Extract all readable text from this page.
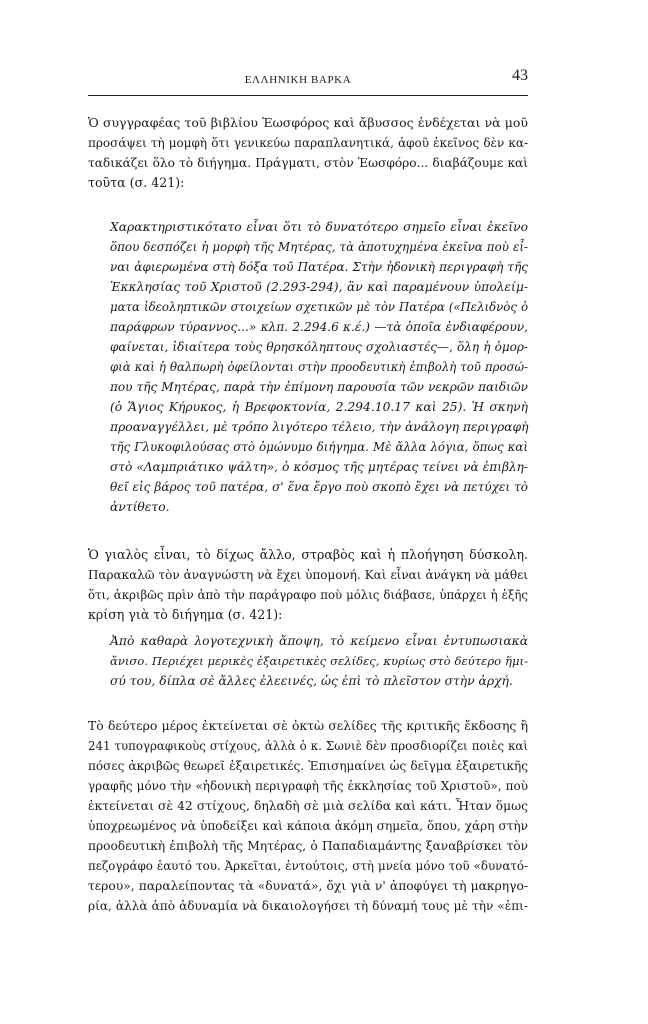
ΕΛΛΗΝΙΚΗ ΒΑΡΚΑ	43
Ὁ συγγραφέας τοῦ βιβλίου Ἑωσφόρος καὶ ἄβυσσος ἐνδέχεται νὰ μοῦ
προσάψει τὴ μομφὴ ὅτι γενικεύω παραπλανητικά, ἀφοῦ ἐκεῖνος δὲν κα-
ταδικάζει ὅλο τὸ διήγημα. Πράγματι, στὸν Ἑωσφόρο... διαβάζουμε καὶ
τοῦτα (σ. 421):
Χαρακτηριστικότατο εἶναι ὅτι τὸ δυνατότερο σημεῖο εἶναι ἐκεῖνο
ὅπου δεσπόζει ἡ μορφὴ τῆς Μητέρας, τὰ ἀποτυχημένα ἐκεῖνα ποὺ εἶ-
ναι ἀφιερωμένα στὴ δόξα τοῦ Πατέρα. Στὴν ἡδονικὴ περιγραφὴ τῆς
Ἐκκλησίας τοῦ Χριστοῦ (2.293-294), ἂν καὶ παραμένουν ὑπολείμ-
ματα ἰδεοληπτικῶν στοιχείων σχετικῶν μὲ τὸν Πατέρα («Πελιδνὸς ὁ
παράφρων τύραννος...» κλπ. 2.294.6 κ.έ.) —τὰ ὁποῖα ἐνδιαφέρουν,
φαίνεται, ἰδιαίτερα τοὺς θρησκόληπτους σχολιαστές—, ὅλη ἡ ὀμορ-
φιὰ καὶ ἡ θαλπωρὴ ὀφείλονται στὴν προοδευτικὴ ἐπιβολὴ τοῦ προσώ-
που τῆς Μητέρας, παρὰ τὴν ἐπίμονη παρουσία τῶν νεκρῶν παιδιῶν
(ὁ Ἅγιος Κήρυκος, ἡ Βρεφοκτονία, 2.294.10.17 καὶ 25). Ἡ σκηνὴ
προαναγγέλλει, μὲ τρόπο λιγότερο τέλειο, τὴν ἀνάλογη περιγραφὴ
τῆς Γλυκοφιλούσας στὸ ὁμώνυμο διήγημα. Μὲ ἄλλα λόγια, ὅπως καὶ
στὸ «Λαμπριάτικο ψάλτη», ὁ κόσμος τῆς μητέρας τείνει νὰ ἐπιβλη-
θεῖ εἰς βάρος τοῦ πατέρα, σ' ἕνα ἔργο ποὺ σκοπὸ ἔχει νὰ πετύχει τὸ
ἀντίθετο.
Ὁ γιαλὸς εἶναι, τὸ δίχως ἄλλο, στραβὸς καὶ ἡ πλοήγηση δύσκολη.
Παρακαλῶ τὸν ἀναγνώστη νὰ ἔχει ὑπομονή. Καὶ εἶναι ἀνάγκη νὰ μάθει
ὅτι, ἀκριβῶς πρὶν ἀπὸ τὴν παράγραφο ποὺ μόλις διάβασε, ὑπάρχει ἡ ἑξῆς
κρίση γιὰ τὸ διήγημα (σ. 421):
Ἀπὸ καθαρὰ λογοτεχνικὴ ἄποψη, τὸ κείμενο εἶναι ἐντυπωσιακὰ
ἄνισο. Περιέχει μερικὲς ἐξαιρετικὲς σελίδες, κυρίως στὸ δεύτερο ἥμι-
σύ του, δίπλα σὲ ἄλλες ἐλεεινές, ὡς ἐπὶ τὸ πλεῖστον στὴν ἀρχή.
Τὸ δεύτερο μέρος ἐκτείνεται σὲ ὀκτὼ σελίδες τῆς κριτικῆς ἔκδοσης ἢ
241 τυπογραφικοὺς στίχους, ἀλλὰ ὁ κ. Σωνιὲ δὲν προσδιορίζει ποιὲς καὶ
πόσες ἀκριβῶς θεωρεῖ ἐξαιρετικές. Ἐπισημαίνει ὡς δεῖγμα ἐξαιρετικῆς
γραφῆς μόνο τὴν «ἡδονικὴ περιγραφὴ τῆς ἐκκλησίας τοῦ Χριστοῦ», ποὺ
ἐκτείνεται σὲ 42 στίχους, δηλαδὴ σὲ μιὰ σελίδα καὶ κάτι. Ἦταν ὅμως
ὑποχρεωμένος νὰ ὑποδείξει καὶ κάποια ἀκόμη σημεῖα, ὅπου, χάρη στὴν
προοδευτικὴ ἐπιβολὴ τῆς Μητέρας, ὁ Παπαδιαμάντης ξαναβρίσκει τὸν
πεζογράφο ἑαυτό του. Ἀρκεῖται, ἐντούτοις, στὴ μνεία μόνο τοῦ «δυνατό-
τερου», παραλείποντας τὰ «δυνατά», ὄχι γιὰ ν' ἀποφύγει τὴ μακρηγο-
ρία, ἀλλὰ ἀπὸ ἀδυναμία νὰ δικαιολογήσει τὴ δύναμή τους μὲ τὴν «ἐπι-
